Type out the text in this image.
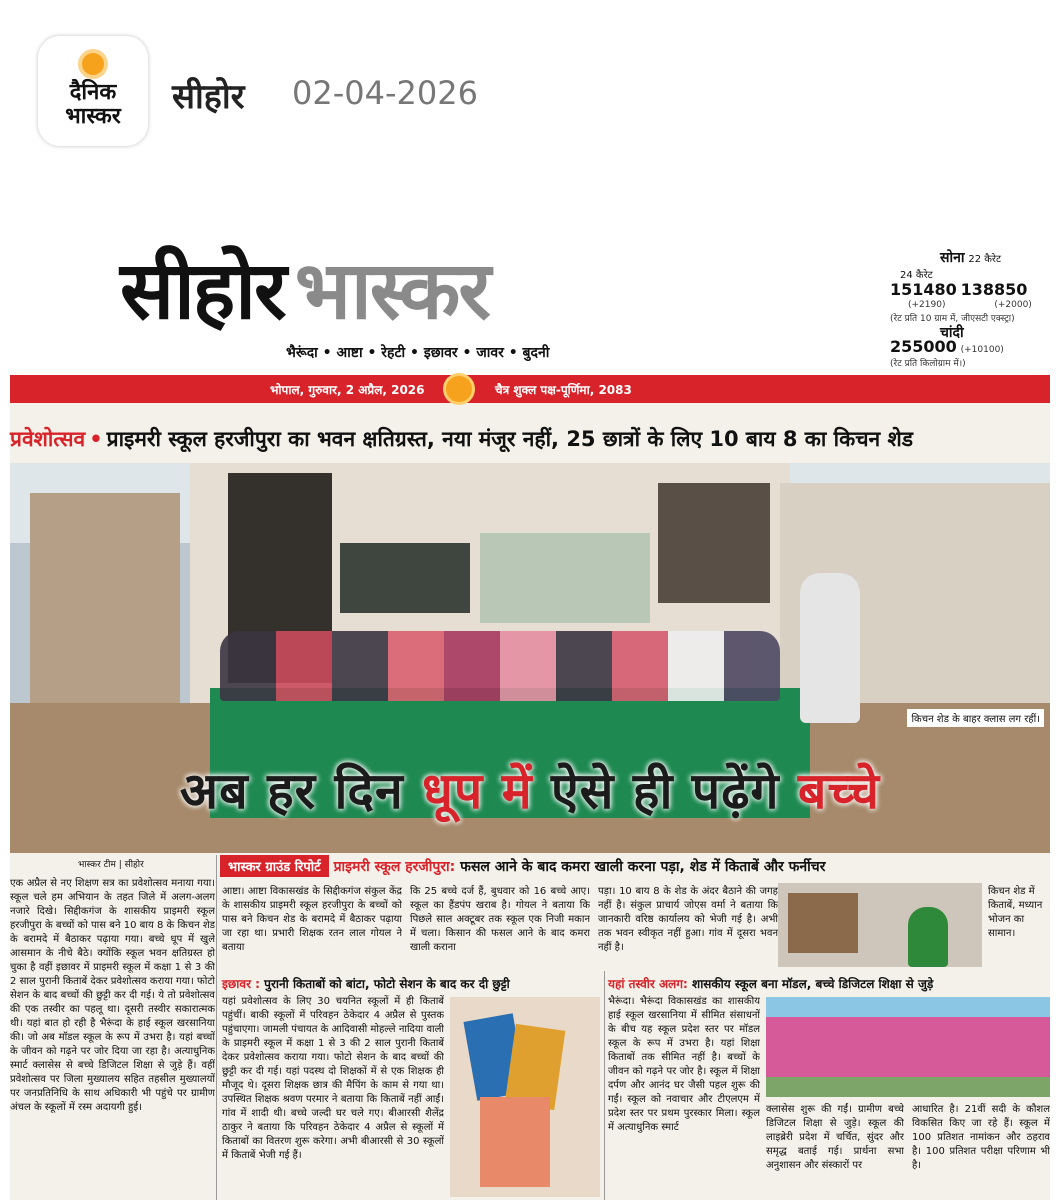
दैनिक
भास्कर सीहोर 02-04-2026
सीहोर भास्कर
भैरूंदा • आष्टा • रेहटी • इछावर • जावर • बुदनी
सोना 22 कैरेट
24 कैरेट
151480 138850
(+2190)	(+2000)
(रेट प्रति 10 ग्राम में, जीएसटी एक्स्ट्रा)
चांदी
255000 (+10100)
(रेट प्रति किलोग्राम में।)
भोपाल, गुरुवार, 2 अप्रैल, 2026	चैत्र शुक्ल पक्ष-पूर्णिमा, 2083
प्रवेशोत्सव • प्राइमरी स्कूल हरजीपुरा का भवन क्षतिग्रस्त, नया मंजूर नहीं, 25 छात्रों के लिए 10 बाय 8 का किचन शेड
किचन शेड के बाहर क्लास लग रहीं।
अब हर दिन धूप में ऐसे ही पढ़ेंगे बच्चे
भास्कर टीम | सीहोर
एक अप्रैल से नए शिक्षण सत्र का प्रवेशोत्सव मनाया गया। स्कूल चले हम अभियान के तहत जिले में अलग-अलग नजारे दिखे। सिद्दीकगंज के शासकीय प्राइमरी स्कूल हरजीपुरा के बच्चों को पास बने 10 बाय 8 के किचन शेड के बरामदे में बैठाकर पढ़ाया गया। बच्चे धूप में खुले आसमान के नीचे बैठे। क्योंकि स्कूल भवन क्षतिग्रस्त हो चुका है वहीं इछावर में प्राइमरी स्कूल में कक्षा 1 से 3 की 2 साल पुरानी किताबें देकर प्रवेशोत्सव कराया गया। फोटो सेशन के बाद बच्चों की छुट्टी कर दी गई। ये तो प्रवेशोत्सव की एक तस्वीर का पहलू था। दूसरी तस्वीर सकारात्मक थी। यहां बात हो रही है भैरूंदा के हाई स्कूल खरसानिया की। जो अब मॉडल स्कूल के रूप में उभरा है। यहां बच्चों के जीवन को गढ़ने पर जोर दिया जा रहा है। अत्याधुनिक स्मार्ट क्लासेस से बच्चे डिजिटल शिक्षा से जुड़े हैं। वहीं प्रवेशोत्सव पर जिला मुख्यालय सहित तहसील मुख्यालयों पर जनप्रतिनिधि के साथ अधिकारी भी पहुंचे पर ग्रामीण अंचल के स्कूलों में रस्म अदायगी हुई।
भास्कर ग्राउंड रिपोर्ट प्राइमरी स्कूल हरजीपुरा: फसल आने के बाद कमरा खाली करना पड़ा, शेड में किताबें और फर्नीचर
आष्टा। आष्टा विकासखंड के सिद्दीकगंज संकुल केंद्र के शासकीय प्राइमरी स्कूल हरजीपुरा के बच्चों को पास बने किचन शेड के बरामदे में बैठाकर पढ़ाया जा रहा था। प्रभारी शिक्षक रतन लाल गोयल ने बताया
कि 25 बच्चे दर्ज हैं, बुधवार को 16 बच्चे आए। स्कूल का हैंडपंप खराब है। गोयल ने बताया कि पिछले साल अक्टूबर तक स्कूल एक निजी मकान में चला। किसान की फसल आने के बाद कमरा खाली कराना
पड़ा। 10 बाय 8 के शेड के अंदर बैठाने की जगह नहीं है। संकुल प्राचार्य जोएस वर्मा ने बताया कि जानकारी वरिष्ठ कार्यालय को भेजी गई है। अभी तक भवन स्वीकृत नहीं हुआ। गांव में दूसरा भवन नहीं है।
किचन शेड में किताबें, मध्यान भोजन का सामान।
इछावर : पुरानी किताबों को बांटा, फोटो सेशन के बाद कर दी छुट्टी
यहां प्रवेशोत्सव के लिए 30 चयनित स्कूलों में ही किताबें पहुंचीं। बाकी स्कूलों में परिवहन ठेकेदार 4 अप्रैल से पुस्तक पहुंचाएगा। जामली पंचायत के आदिवासी मोहल्ले नादिया वाली के प्राइमरी स्कूल में कक्षा 1 से 3 की 2 साल पुरानी किताबें देकर प्रवेशोत्सव कराया गया। फोटो सेशन के बाद बच्चों की छुट्टी कर दी गई। यहां पदस्थ दो शिक्षकों में से एक शिक्षक ही मौजूद थे। दूसरा शिक्षक छात्र की मैपिंग के काम से गया था। उपस्थित शिक्षक श्रवण परमार ने बताया कि किताबें नहीं आईं। गांव में शादी थी। बच्चे जल्दी घर चले गए। बीआरसी शैलेंद्र ठाकुर ने बताया कि परिवहन ठेकेदार 4 अप्रैल से स्कूलों में किताबों का वितरण शुरू करेगा। अभी बीआरसी से 30 स्कूलों में किताबें भेजी गई हैं।
यहां तस्वीर अलग: शासकीय स्कूल बना मॉडल, बच्चे डिजिटल शिक्षा से जुड़े
भैरूंदा। भैरूंदा विकासखंड का शासकीय हाई स्कूल खरसानिया में सीमित संसाधनों के बीच यह स्कूल प्रदेश स्तर पर मॉडल स्कूल के रूप में उभरा है। यहां शिक्षा किताबों तक सीमित नहीं है। बच्चों के जीवन को गढ़ने पर जोर है। स्कूल में शिक्षा दर्पण और आनंद घर जैसी पहल शुरू की गईं। स्कूल को नवाचार और टीएलएम में प्रदेश स्तर पर प्रथम पुरस्कार मिला। स्कूल में अत्याधुनिक स्मार्ट
क्लासेस शुरू की गईं। ग्रामीण बच्चे डिजिटल शिक्षा से जुड़े। स्कूल की लाइब्रेरी प्रदेश में चर्चित, सुंदर और समृद्ध बताई गई। प्रार्थना सभा अनुशासन और संस्कारों पर
आधारित है। 21वीं सदी के कौशल विकसित किए जा रहे हैं। स्कूल में 100 प्रतिशत नामांकन और ठहराव है। 100 प्रतिशत परीक्षा परिणाम भी है।
